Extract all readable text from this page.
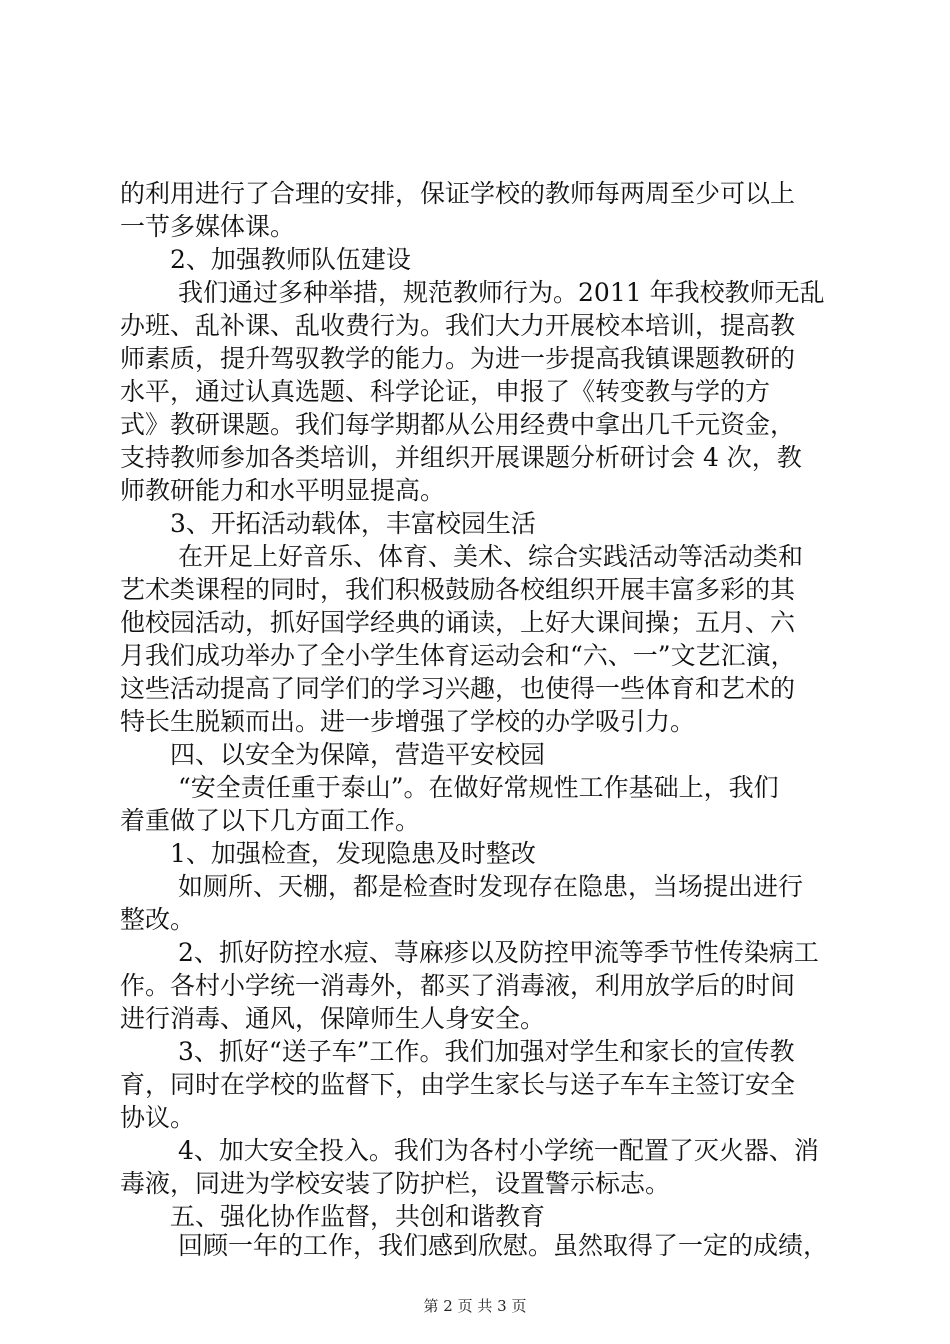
的利用进行了合理的安排，保证学校的教师每两周至少可以上
一节多媒体课。
2、加强教师队伍建设
我们通过多种举措，规范教师行为。2011 年我校教师无乱
办班、乱补课、乱收费行为。我们大力开展校本培训，提高教
师素质，提升驾驭教学的能力。为进一步提高我镇课题教研的
水平，通过认真选题、科学论证，申报了《转变教与学的方
式》教研课题。我们每学期都从公用经费中拿出几千元资金，
支持教师参加各类培训，并组织开展课题分析研讨会 4 次，教
师教研能力和水平明显提高。
3、开拓活动载体，丰富校园生活
在开足上好音乐、体育、美术、综合实践活动等活动类和
艺术类课程的同时，我们积极鼓励各校组织开展丰富多彩的其
他校园活动，抓好国学经典的诵读，上好大课间操；五月、六
月我们成功举办了全小学生体育运动会和“六、一”文艺汇演，
这些活动提高了同学们的学习兴趣，也使得一些体育和艺术的
特长生脱颖而出。进一步增强了学校的办学吸引力。
四、以安全为保障，营造平安校园
“安全责任重于泰山”。在做好常规性工作基础上，我们
着重做了以下几方面工作。
1、加强检查，发现隐患及时整改
如厕所、天棚，都是检查时发现存在隐患，当场提出进行
整改。
2、抓好防控水痘、荨麻疹以及防控甲流等季节性传染病工
作。各村小学统一消毒外，都买了消毒液，利用放学后的时间
进行消毒、通风，保障师生人身安全。
3、抓好“送子车”工作。我们加强对学生和家长的宣传教
育，同时在学校的监督下，由学生家长与送子车车主签订安全
协议。
4、加大安全投入。我们为各村小学统一配置了灭火器、消
毒液，同进为学校安装了防护栏，设置警示标志。
五、强化协作监督，共创和谐教育
回顾一年的工作，我们感到欣慰。虽然取得了一定的成绩，
第 2 页 共 3 页
